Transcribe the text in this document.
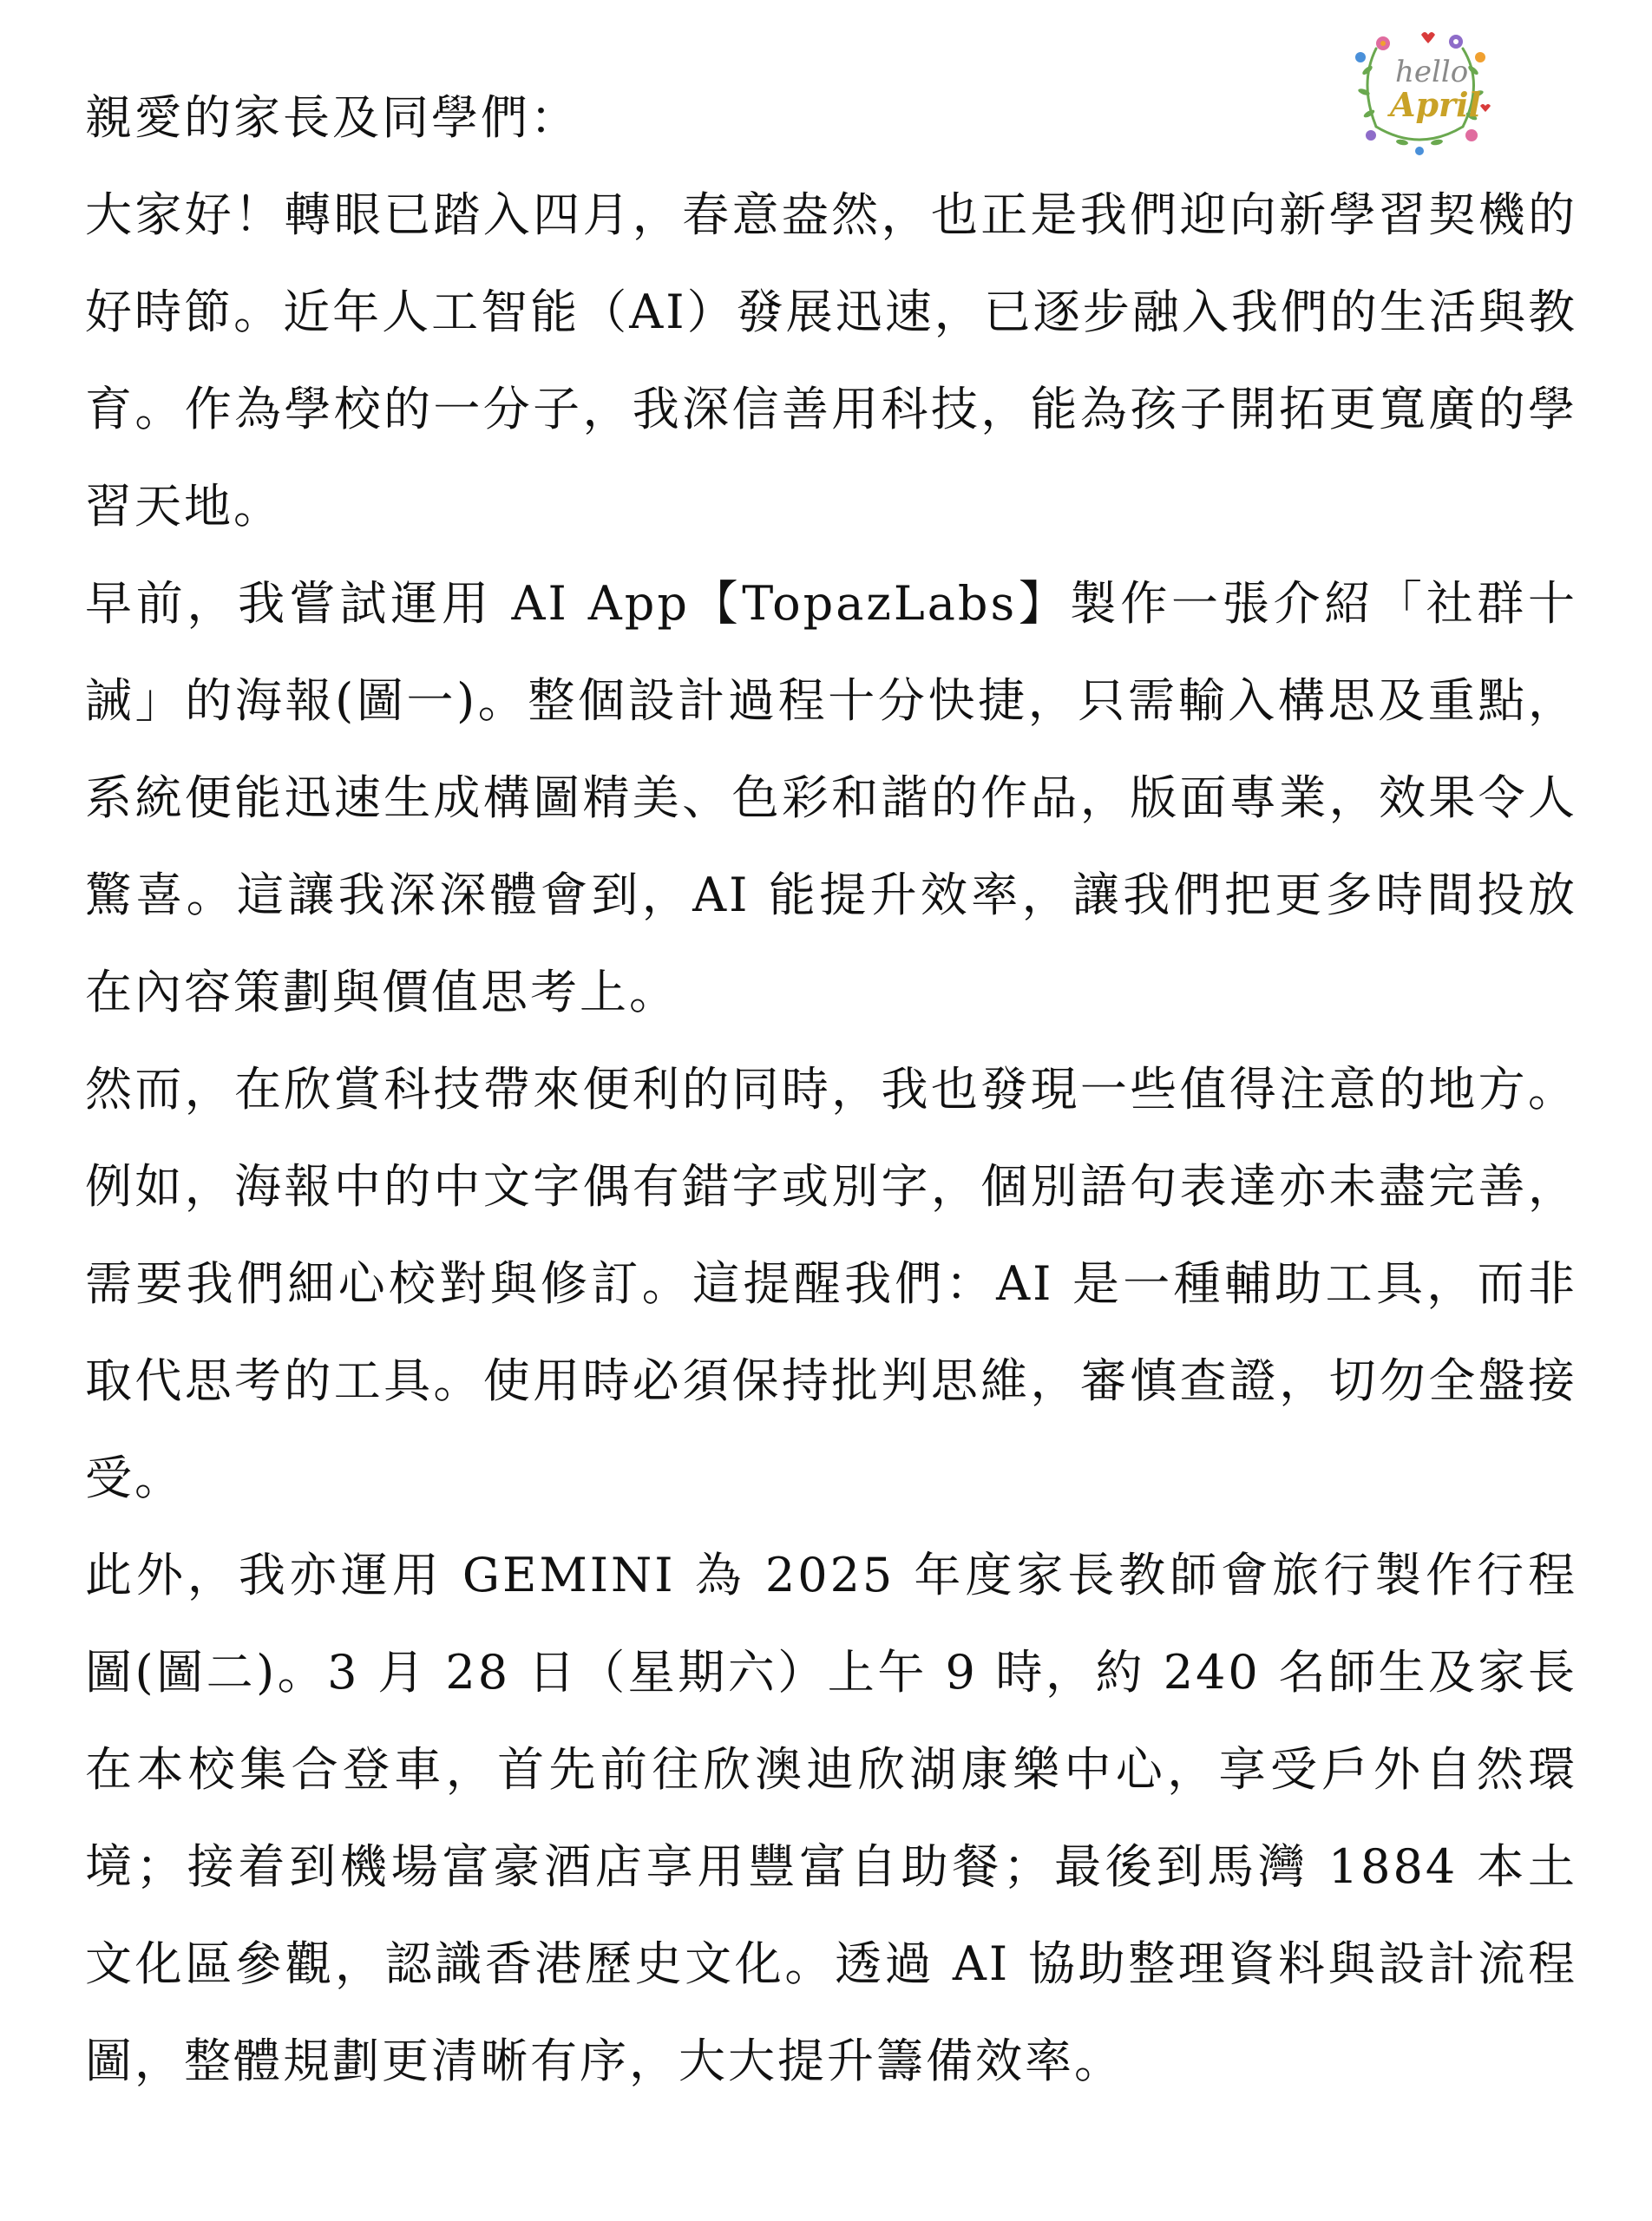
hello
April

親愛的家長及同學們：

大家好！轉眼已踏入四月，春意盎然，也正是我們迎向新學習契機的好時節。近年人工智能（AI）發展迅速，已逐步融入我們的生活與教育。作為學校的一分子，我深信善用科技，能為孩子開拓更寬廣的學習天地。

早前，我嘗試運用 AI App【TopazLabs】製作一張介紹「社群十誡」的海報(圖一)。整個設計過程十分快捷，只需輸入構思及重點，系統便能迅速生成構圖精美、色彩和諧的作品，版面專業，效果令人驚喜。這讓我深深體會到，AI 能提升效率，讓我們把更多時間投放在內容策劃與價值思考上。

然而，在欣賞科技帶來便利的同時，我也發現一些值得注意的地方。例如，海報中的中文字偶有錯字或別字，個別語句表達亦未盡完善，需要我們細心校對與修訂。這提醒我們：AI 是一種輔助工具，而非取代思考的工具。使用時必須保持批判思維，審慎查證，切勿全盤接受。

此外，我亦運用 GEMINI 為 2025 年度家長教師會旅行製作行程圖(圖二)。3 月 28 日（星期六）上午 9 時，約 240 名師生及家長在本校集合登車，首先前往欣澳迪欣湖康樂中心，享受戶外自然環境；接着到機場富豪酒店享用豐富自助餐；最後到馬灣 1884 本土文化區參觀，認識香港歷史文化。透過 AI 協助整理資料與設計流程圖，整體規劃更清晰有序，大大提升籌備效率。
